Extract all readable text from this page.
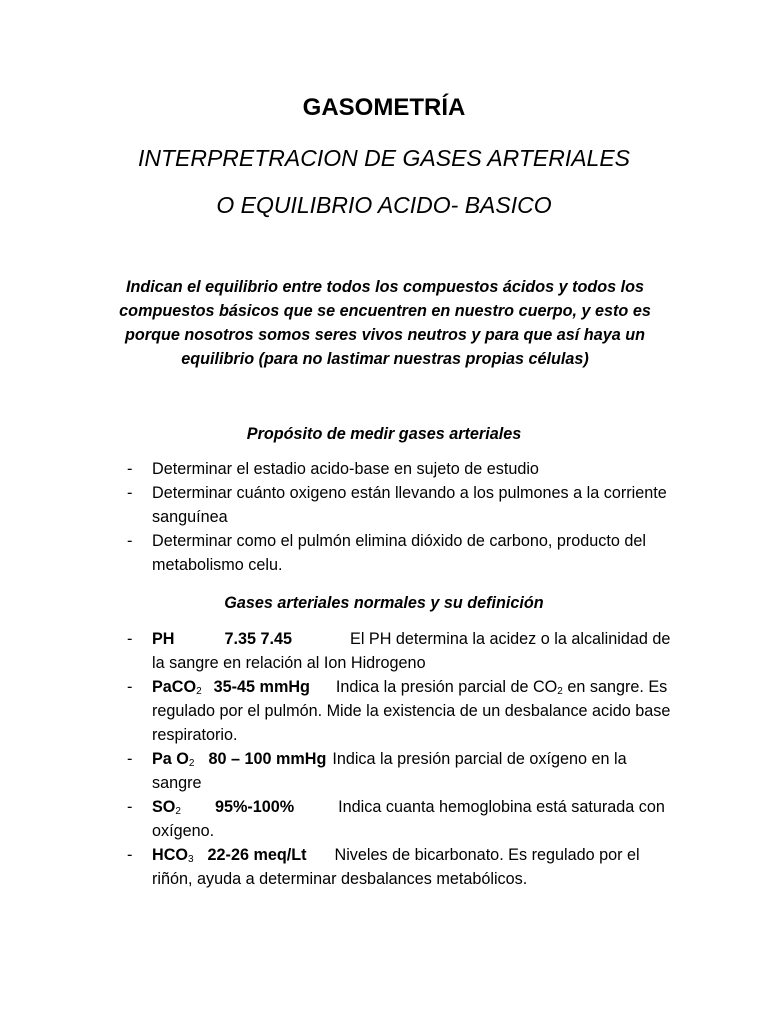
GASOMETRÍA
INTERPRETRACION DE GASES ARTERIALES
O EQUILIBRIO ACIDO- BASICO
Indican el equilibrio entre todos los compuestos ácidos y todos los compuestos básicos que se encuentren en nuestro cuerpo, y esto es porque nosotros somos seres vivos neutros y para que así haya un equilibrio (para no lastimar nuestras propias células)
Propósito de medir gases arteriales
- Determinar el estadio acido-base en sujeto de estudio
- Determinar cuánto oxigeno están llevando a los pulmones a la corriente sanguínea
- Determinar como el pulmón elimina dióxido de carbono, producto del metabolismo celu.
Gases arteriales normales y su definición
- PH	7.35 7.45	El PH determina la acidez o la alcalinidad de la sangre en relación al Ion Hidrogeno
- PaCO$_2$ 35-45 mmHg Indica la presión parcial de $CO_2$ en sangre. Es regulado por el pulmón. Mide la existencia de un desbalance acido base respiratorio.
- Pa $O_2$ 80 – 100 mmHg Indica la presión parcial de oxígeno en la sangre
- $SO_2$ 95%-100%	Indica cuanta hemoglobina está saturada con oxígeno.
- $HCO_3$ 22-26 meq/Lt Niveles de bicarbonato. Es regulado por el riñón, ayuda a determinar desbalances metabólicos.
